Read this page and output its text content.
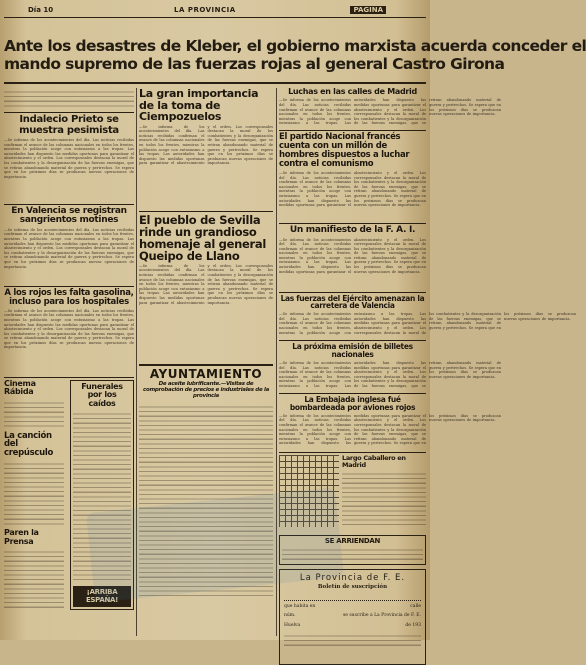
Día 10	LA PROVINCIA	PAGINA
Ante los desastres de Kleber, el gobierno marxista acuerda conceder el
mando supremo de las fuerzas rojas al general Castro Girona
Indalecio Prieto se muestra pesimista
—Se informa de los acontecimientos del día. Las noticias recibidas confirman el avance de las columnas nacionales en todos los frentes, mientras la población acoge con entusiasmo a las tropas. Las autoridades han dispuesto las medidas oportunas para garantizar el abastecimiento y el orden. Los corresponsales destacan la moral de los combatientes y la desorganización de las fuerzas enemigas, que se retiran abandonando material de guerra y pertrechos. Se espera que en los próximos días se produzcan nuevas operaciones de importancia.
En Valencia se registran sangrientos motines
—Se informa de los acontecimientos del día. Las noticias recibidas confirman el avance de las columnas nacionales en todos los frentes, mientras la población acoge con entusiasmo a las tropas. Las autoridades han dispuesto las medidas oportunas para garantizar el abastecimiento y el orden. Los corresponsales destacan la moral de los combatientes y la desorganización de las fuerzas enemigas, que se retiran abandonando material de guerra y pertrechos. Se espera que en los próximos días se produzcan nuevas operaciones de importancia.
A los rojos les falta gasolina, incluso para los hospitales
—Se informa de los acontecimientos del día. Las noticias recibidas confirman el avance de las columnas nacionales en todos los frentes, mientras la población acoge con entusiasmo a las tropas. Las autoridades han dispuesto las medidas oportunas para garantizar el abastecimiento y el orden. Los corresponsales destacan la moral de los combatientes y la desorganización de las fuerzas enemigas, que se retiran abandonando material de guerra y pertrechos. Se espera que en los próximos días se produzcan nuevas operaciones de importancia.
Cinema Rábida
La canción del crepúsculo
Paren la Prensa
Funerales por los caídos
¡ARRIBA ESPAÑA!
La gran importancia de la toma de Ciempozuelos
—Se informa de los acontecimientos del día. Las noticias recibidas confirman el avance de las columnas nacionales en todos los frentes, mientras la población acoge con entusiasmo a las tropas. Las autoridades han dispuesto las medidas oportunas para garantizar el abastecimiento y el orden. Los corresponsales destacan la moral de los combatientes y la desorganización de las fuerzas enemigas, que se retiran abandonando material de guerra y pertrechos. Se espera que en los próximos días se produzcan nuevas operaciones de importancia.
El pueblo de Sevilla rinde un grandioso homenaje al general Queipo de Llano
—Se informa de los acontecimientos del día. Las noticias recibidas confirman el avance de las columnas nacionales en todos los frentes, mientras la población acoge con entusiasmo a las tropas. Las autoridades han dispuesto las medidas oportunas para garantizar el abastecimiento y el orden. Los corresponsales destacan la moral de los combatientes y la desorganización de las fuerzas enemigas, que se retiran abandonando material de guerra y pertrechos. Se espera que en los próximos días se produzcan nuevas operaciones de importancia.
AYUNTAMIENTO
De aceite lubrificante.—Visitas de comprobación de precios e industriales de la provincia
Luchas en las calles de Madrid
—Se informa de los acontecimientos del día. Las noticias recibidas confirman el avance de las columnas nacionales en todos los frentes, mientras la población acoge con entusiasmo a las tropas. Las autoridades han dispuesto las medidas oportunas para garantizar el abastecimiento y el orden. Los corresponsales destacan la moral de los combatientes y la desorganización de las fuerzas enemigas, que se retiran abandonando material de guerra y pertrechos. Se espera que en los próximos días se produzcan nuevas operaciones de importancia.
El partido Nacional francés cuenta con un millón de hombres dispuestos a luchar contra el comunismo
—Se informa de los acontecimientos del día. Las noticias recibidas confirman el avance de las columnas nacionales en todos los frentes, mientras la población acoge con entusiasmo a las tropas. Las autoridades han dispuesto las medidas oportunas para garantizar el abastecimiento y el orden. Los corresponsales destacan la moral de los combatientes y la desorganización de las fuerzas enemigas, que se retiran abandonando material de guerra y pertrechos. Se espera que en los próximos días se produzcan nuevas operaciones de importancia.
Un manifiesto de la F. A. I.
—Se informa de los acontecimientos del día. Las noticias recibidas confirman el avance de las columnas nacionales en todos los frentes, mientras la población acoge con entusiasmo a las tropas. Las autoridades han dispuesto las medidas oportunas para garantizar el abastecimiento y el orden. Los corresponsales destacan la moral de los combatientes y la desorganización de las fuerzas enemigas, que se retiran abandonando material de guerra y pertrechos. Se espera que en los próximos días se produzcan nuevas operaciones de importancia.
Las fuerzas del Ejército amenazan la carretera de Valencia
—Se informa de los acontecimientos del día. Las noticias recibidas confirman el avance de las columnas nacionales en todos los frentes, mientras la población acoge con entusiasmo a las tropas. Las autoridades han dispuesto las medidas oportunas para garantizar el abastecimiento y el orden. Los corresponsales destacan la moral de los combatientes y la desorganización de las fuerzas enemigas, que se retiran abandonando material de guerra y pertrechos. Se espera que en los próximos días se produzcan nuevas operaciones de importancia.
La próxima emisión de billetes nacionales
—Se informa de los acontecimientos del día. Las noticias recibidas confirman el avance de las columnas nacionales en todos los frentes, mientras la población acoge con entusiasmo a las tropas. Las autoridades han dispuesto las medidas oportunas para garantizar el abastecimiento y el orden. Los corresponsales destacan la moral de los combatientes y la desorganización de las fuerzas enemigas, que se retiran abandonando material de guerra y pertrechos. Se espera que en los próximos días se produzcan nuevas operaciones de importancia.
La Embajada inglesa fué bombardeada por aviones rojos
—Se informa de los acontecimientos del día. Las noticias recibidas confirman el avance de las columnas nacionales en todos los frentes, mientras la población acoge con entusiasmo a las tropas. Las autoridades han dispuesto las medidas oportunas para garantizar el abastecimiento y el orden. Los corresponsales destacan la moral de los combatientes y la desorganización de las fuerzas enemigas, que se retiran abandonando material de guerra y pertrechos. Se espera que en los próximos días se produzcan nuevas operaciones de importancia.
Largo Caballero en Madrid
SE ARRIENDAN
La Provincia de F. E.
Boletín de suscripción
que habita en	calle
núm.	se suscribe a La Provincia de F. E.
Huelva	de 193
